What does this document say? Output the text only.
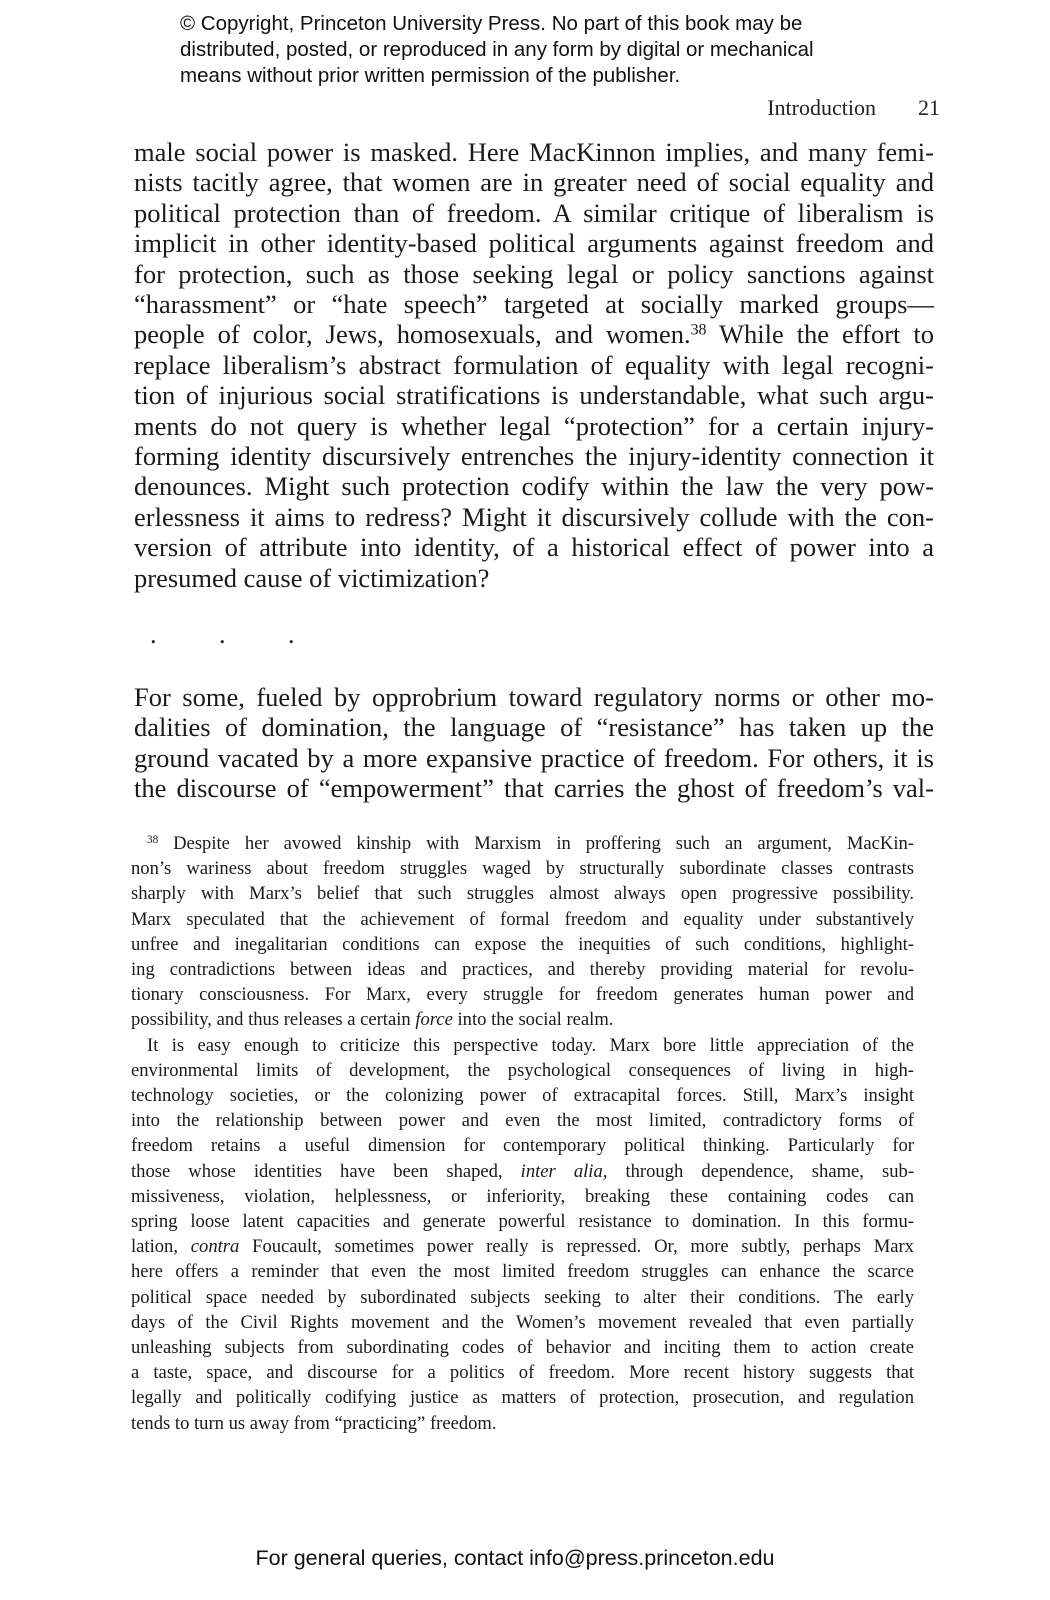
© Copyright, Princeton University Press. No part of this book may be
distributed, posted, or reproduced in any form by digital or mechanical
means without prior written permission of the publisher.
Introduction 21
male social power is masked. Here MacKinnon implies, and many femi-
nists tacitly agree, that women are in greater need of social equality and
political protection than of freedom. A similar critique of liberalism is
implicit in other identity-based political arguments against freedom and
for protection, such as those seeking legal or policy sanctions against
“harassment” or “hate speech” targeted at socially marked groups—
people of color, Jews, homosexuals, and women.$^{38}$ While the effort to
replace liberalism’s abstract formulation of equality with legal recogni-
tion of injurious social stratifications is understandable, what such argu-
ments do not query is whether legal “protection” for a certain injury-
forming identity discursively entrenches the injury-identity connection it
denounces. Might such protection codify within the law the very pow-
erlessness it aims to redress? Might it discursively collude with the con-
version of attribute into identity, of a historical effect of power into a
presumed cause of victimization?
. . .
For some, fueled by opprobrium toward regulatory norms or other mo-
dalities of domination, the language of “resistance” has taken up the
ground vacated by a more expansive practice of freedom. For others, it is
the discourse of “empowerment” that carries the ghost of freedom’s val-
$^{38}$ Despite her avowed kinship with Marxism in proffering such an argument, MacKin-
non’s wariness about freedom struggles waged by structurally subordinate classes contrasts
sharply with Marx’s belief that such struggles almost always open progressive possibility.
Marx speculated that the achievement of formal freedom and equality under substantively
unfree and inegalitarian conditions can expose the inequities of such conditions, highlight-
ing contradictions between ideas and practices, and thereby providing material for revolu-
tionary consciousness. For Marx, every struggle for freedom generates human power and
possibility, and thus releases a certain force into the social realm.
It is easy enough to criticize this perspective today. Marx bore little appreciation of the
environmental limits of development, the psychological consequences of living in high-
technology societies, or the colonizing power of extracapital forces. Still, Marx’s insight
into the relationship between power and even the most limited, contradictory forms of
freedom retains a useful dimension for contemporary political thinking. Particularly for
those whose identities have been shaped, inter alia, through dependence, shame, sub-
missiveness, violation, helplessness, or inferiority, breaking these containing codes can
spring loose latent capacities and generate powerful resistance to domination. In this formu-
lation, contra Foucault, sometimes power really is repressed. Or, more subtly, perhaps Marx
here offers a reminder that even the most limited freedom struggles can enhance the scarce
political space needed by subordinated subjects seeking to alter their conditions. The early
days of the Civil Rights movement and the Women’s movement revealed that even partially
unleashing subjects from subordinating codes of behavior and inciting them to action create
a taste, space, and discourse for a politics of freedom. More recent history suggests that
legally and politically codifying justice as matters of protection, prosecution, and regulation
tends to turn us away from “practicing” freedom.
For general queries, contact info@press.princeton.edu
